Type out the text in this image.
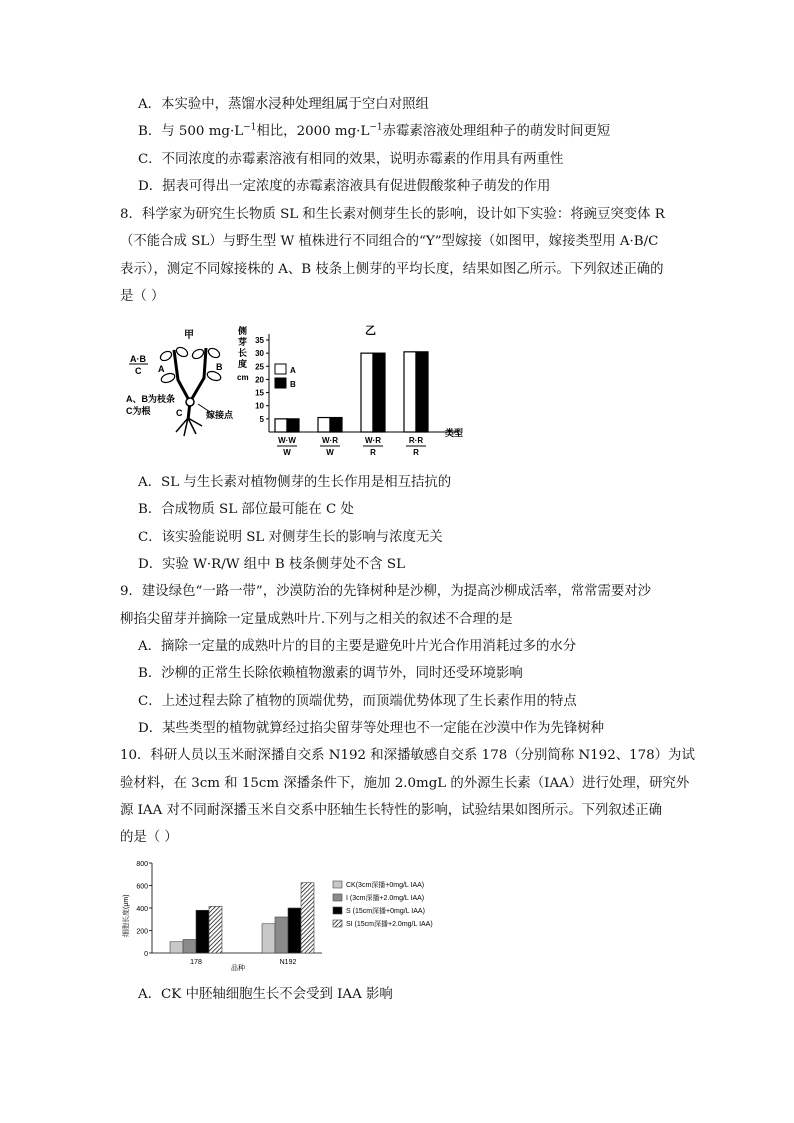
A．本实验中，蒸馏水浸种处理组属于空白对照组
B．与 500 $mg\cdot L^{-1}$相比，2000 $mg\cdot L^{-1}$赤霉素溶液处理组种子的萌发时间更短
C．不同浓度的赤霉素溶液有相同的效果，说明赤霉素的作用具有两重性
D．据表可得出一定浓度的赤霉素溶液具有促进假酸浆种子萌发的作用
8．科学家为研究生长物质 SL 和生长素对侧芽生长的影响，设计如下实验：将豌豆突变体 R
（不能合成 SL）与野生型 W 植株进行不同组合的“Y”型嫁接（如图甲，嫁接类型用 A·B/C
表示），测定不同嫁接株的 A、B 枝条上侧芽的平均长度，结果如图乙所示。下列叙述正确的
是（ ）
甲
A·B
C A	B
C
A、B为枝条
C为根	嫁接点
乙
侧
芽
长
度
cm
5
10
15
20
25
30
35
A
B
W·W
W
W·R
W
W·R
R
R·R
R
类型
A．SL 与生长素对植物侧芽的生长作用是相互拮抗的
B．合成物质 SL 部位最可能在 C 处
C．该实验能说明 SL 对侧芽生长的影响与浓度无关
D．实验 W·R/W 组中 B 枝条侧芽处不含 SL
9．建设绿色“一路一带”，沙漠防治的先锋树种是沙柳，为提高沙柳成活率，常常需要对沙
柳掐尖留芽并摘除一定量成熟叶片.下列与之相关的叙述不合理的是
A．摘除一定量的成熟叶片的目的主要是避免叶片光合作用消耗过多的水分
B．沙柳的正常生长除依赖植物激素的调节外，同时还受环境影响
C．上述过程去除了植物的顶端优势，而顶端优势体现了生长素作用的特点
D．某些类型的植物就算经过掐尖留芽等处理也不一定能在沙漠中作为先锋树种
10．科研人员以玉米耐深播自交系 N192 和深播敏感自交系 178（分别简称 N192、178）为试
验材料，在 3cm 和 15cm 深播条件下，施加 2.0mgL 的外源生长素（IAA）进行处理，研究外
源 IAA 对不同耐深播玉米自交系中胚轴生长特性的影响，试验结果如图所示。下列叙述正确
的是（ ）
细胞长度(μm)
0
200
400
600
800
178	N192
品种
CK(3cm深播+0mg/L IAA)
I (3cm深播+2.0mg/L IAA)
S (15cm深播+0mg/L IAA)
SI (15cm深播+2.0mg/L IAA)
A．CK 中胚轴细胞生长不会受到 IAA 影响
